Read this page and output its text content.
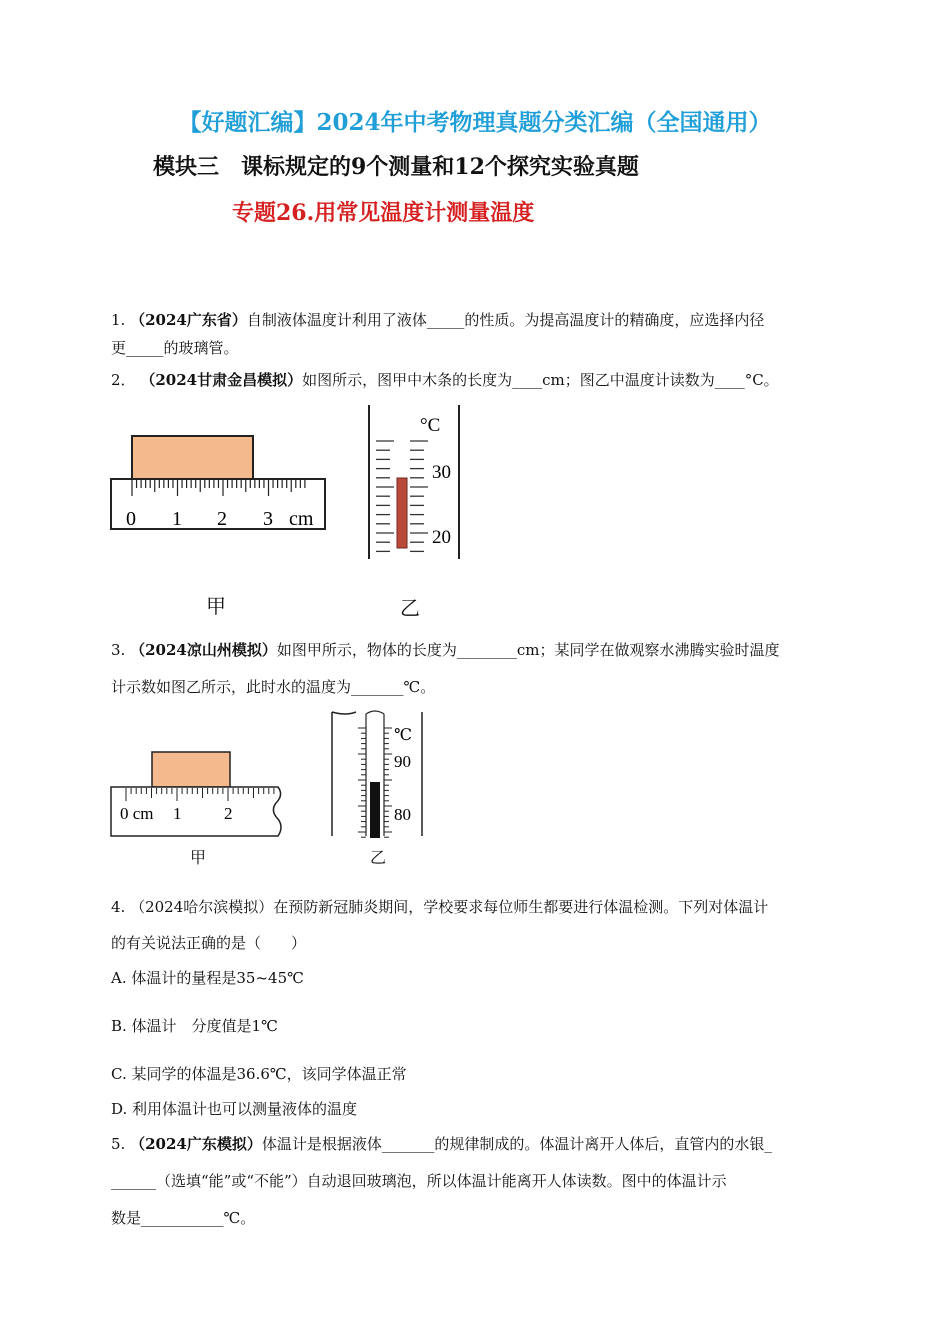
【好题汇编】2024年中考物理真题分类汇编（全国通用）
模块三　课标规定的9个测量和12个探究实验真题
专题26.用常见温度计测量温度
1. （2024广东省）自制液体温度计利用了液体_____的性质。为提高温度计的精确度，应选择内径
更_____的玻璃管。
2． （2024甘肃金昌模拟）如图所示，图甲中木条的长度为____cm；图乙中温度计读数为____°C。
0 1 2 3 cm
°C
30
20
甲	乙
3. （2024凉山州模拟）如图甲所示，物体的长度为________cm；某同学在做观察水沸腾实验时温度
计示数如图乙所示，此时水的温度为_______℃。
0 cm 1	2
℃
90
80
甲	乙
4. （2024哈尔滨模拟）在预防新冠肺炎期间，学校要求每位师生都要进行体温检测。下列对体温计
的有关说法正确的是（　　）
A. 体温计的量程是35~45℃
B. 体温计　分度值是1℃
C. 某同学的体温是36.6℃，该同学体温正常
D. 利用体温计也可以测量液体的温度
5. （2024广东模拟）体温计是根据液体_______的规律制成的。体温计离开人体后，直管内的水银_
______（选填“能”或“不能”）自动退回玻璃泡，所以体温计能离开人体读数。图中的体温计示
数是___________℃。
